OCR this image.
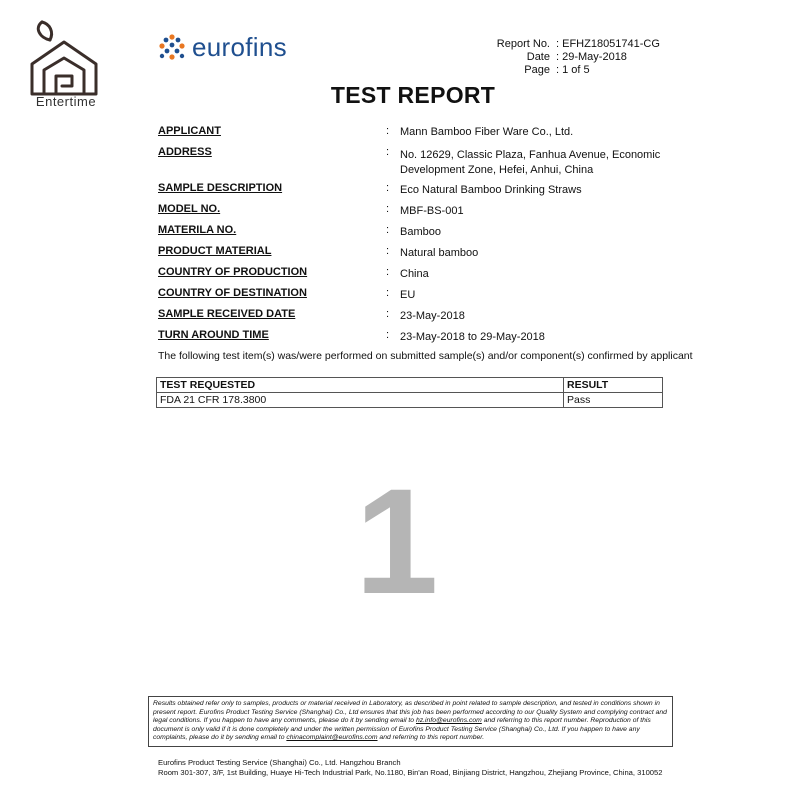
Entertime
eurofins	Report No. : EFHZ18051741-CG
Date : 29-May-2018
Page : 1 of 5
TEST REPORT
APPLICANT	: Mann Bamboo Fiber Ware Co., Ltd.
ADDRESS	: No. 12629, Classic Plaza, Fanhua Avenue, Economic Development Zone, Hefei, Anhui, China
SAMPLE DESCRIPTION	: Eco Natural Bamboo Drinking Straws
MODEL NO.	: MBF-BS-001
MATERILA NO.	: Bamboo
PRODUCT MATERIAL	: Natural bamboo
COUNTRY OF PRODUCTION	: China
COUNTRY OF DESTINATION	: EU
SAMPLE RECEIVED DATE	: 23-May-2018
TURN AROUND TIME	: 23-May-2018 to 29-May-2018
The following test item(s) was/were performed on submitted sample(s) and/or component(s) confirmed by applicant
TEST REQUESTED	RESULT
FDA 21 CFR 178.3800	Pass
1
Results obtained refer only to samples, products or material received in Laboratory, as described in point related to sample description, and tested in conditions shown in present report. Eurofins Product Testing Service (Shanghai) Co., Ltd ensures that this job has been performed according to our Quality System and complying contract and legal conditions. If you happen to have any comments, please do it by sending email to hz.info@eurofins.com and referring to this report number. Reproduction of this document is only valid if it is done completely and under the written permission of Eurofins Product Testing Service (Shanghai) Co., Ltd. If you happen to have any complaints, please do it by sending email to chinacomplaint@eurofins.com and referring to this report number.
Eurofins Product Testing Service (Shanghai) Co., Ltd. Hangzhou Branch
Room 301-307, 3/F, 1st Building, Huaye Hi-Tech Industrial Park, No.1180, Bin'an Road, Binjiang District, Hangzhou, Zhejiang Province, China, 310052
